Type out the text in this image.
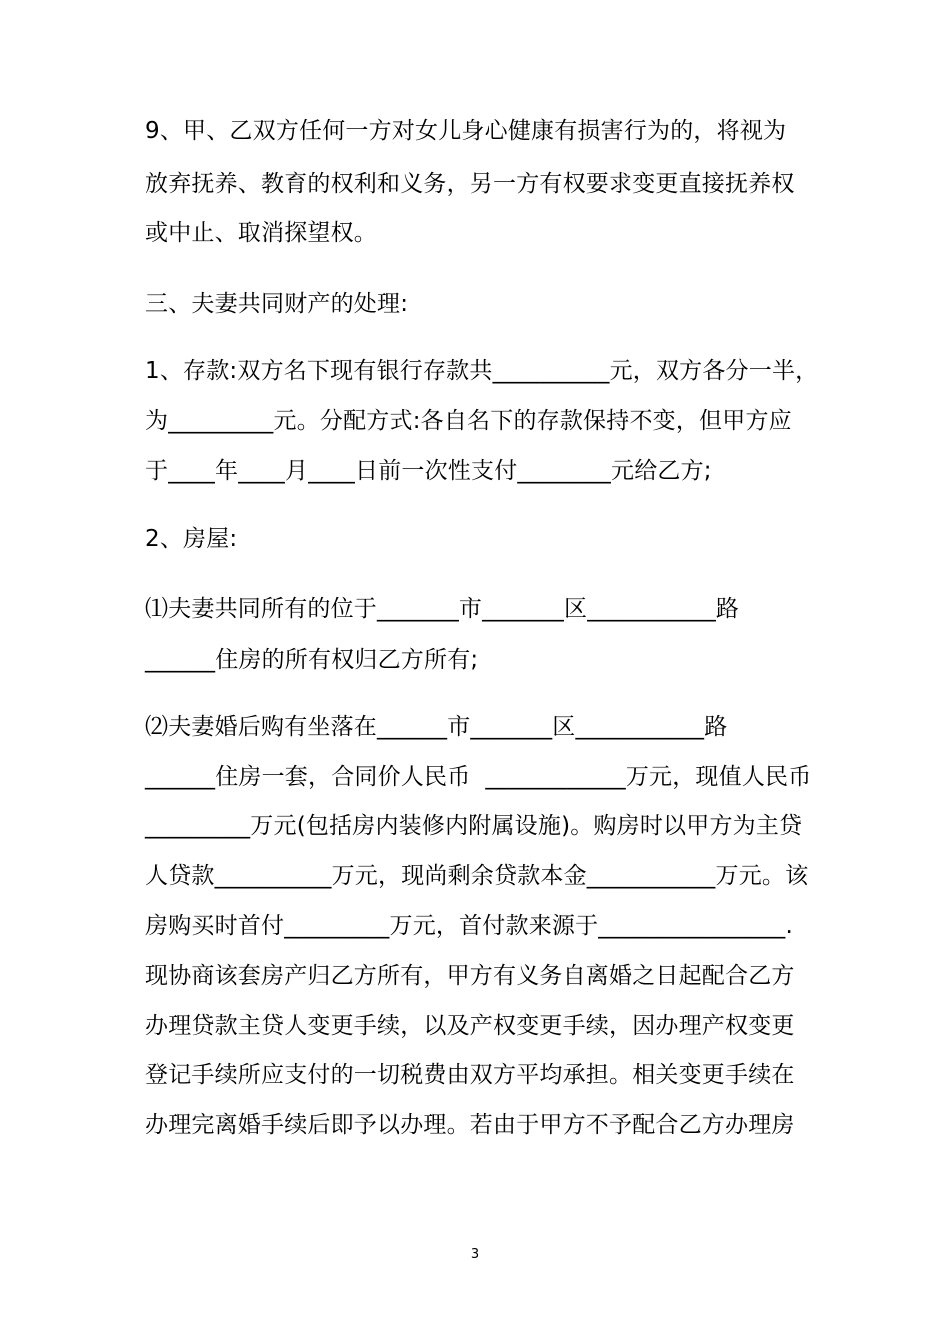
9、甲、乙双方任何一方对女儿身心健康有损害行为的，将视为
放弃抚养、教育的权利和义务，另一方有权要求变更直接抚养权
或中止、取消探望权。
三、夫妻共同财产的处理:
1、存款:双方名下现有银行存款共__________元，双方各分一半，
为_________元。分配方式:各自名下的存款保持不变，但甲方应
于____年____月____日前一次性支付________元给乙方;
2、房屋:
⑴夫妻共同所有的位于_______市_______区___________路
______住房的所有权归乙方所有;
⑵夫妻婚后购有坐落在______市_______区___________路
______住房一套，合同价人民币  ____________万元，现值人民币
_________万元(包括房内装修内附属设施)。购房时以甲方为主贷
人贷款__________万元，现尚剩余贷款本金___________万元。该
房购买时首付_________万元，首付款来源于________________.
现协商该套房产归乙方所有，甲方有义务自离婚之日起配合乙方
办理贷款主贷人变更手续，以及产权变更手续，因办理产权变更
登记手续所应支付的一切税费由双方平均承担。相关变更手续在
办理完离婚手续后即予以办理。若由于甲方不予配合乙方办理房
3
